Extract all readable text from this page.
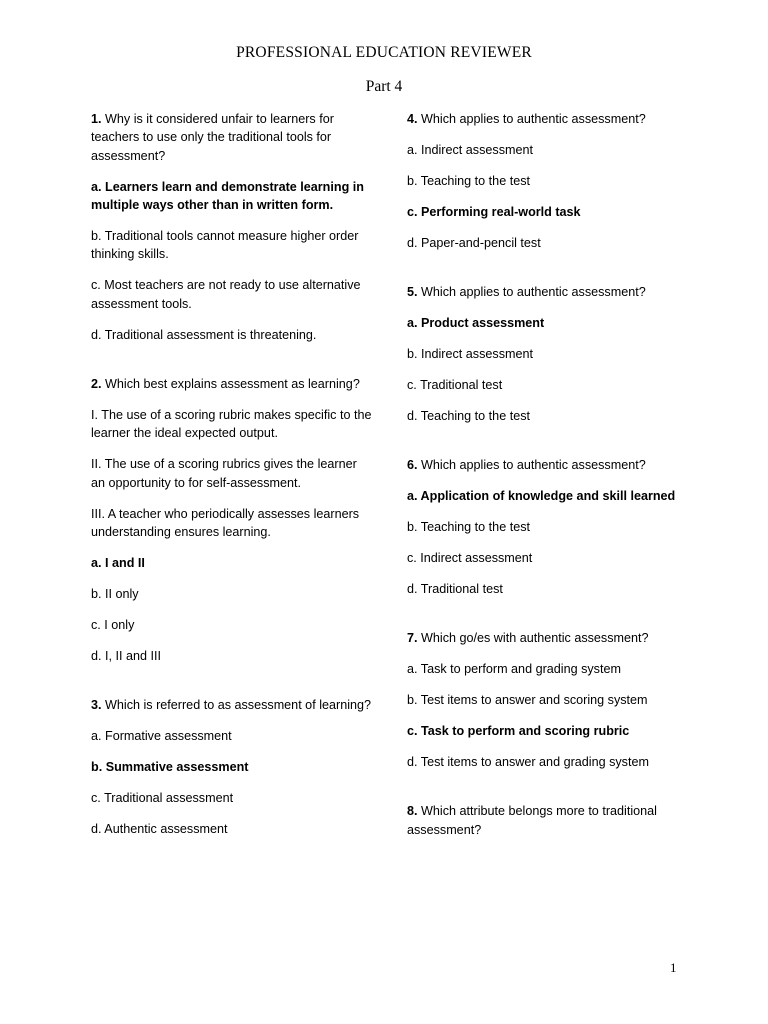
PROFESSIONAL EDUCATION REVIEWER
Part 4
1. Why is it considered unfair to learners for teachers to use only the traditional tools for assessment?
a. Learners learn and demonstrate learning in multiple ways other than in written form.
b. Traditional tools cannot measure higher order thinking skills.
c. Most teachers are not ready to use alternative assessment tools.
d. Traditional assessment is threatening.
2. Which best explains assessment as learning?
I. The use of a scoring rubric makes specific to the learner the ideal expected output.
II. The use of a scoring rubrics gives the learner an opportunity to for self-assessment.
III. A teacher who periodically assesses learners understanding ensures learning.
a. I and II
b. II only
c. I only
d. I, II and III
3. Which is referred to as assessment of learning?
a. Formative assessment
b. Summative assessment
c. Traditional assessment
d. Authentic assessment
4. Which applies to authentic assessment?
a. Indirect assessment
b. Teaching to the test
c. Performing real-world task
d. Paper-and-pencil test
5. Which applies to authentic assessment?
a. Product assessment
b. Indirect assessment
c. Traditional test
d. Teaching to the test
6. Which applies to authentic assessment?
a. Application of knowledge and skill learned
b. Teaching to the test
c. Indirect assessment
d. Traditional test
7. Which go/es with authentic assessment?
a. Task to perform and grading system
b. Test items to answer and scoring system
c. Task to perform and scoring rubric
d. Test items to answer and grading system
8. Which attribute belongs more to traditional assessment?
1
